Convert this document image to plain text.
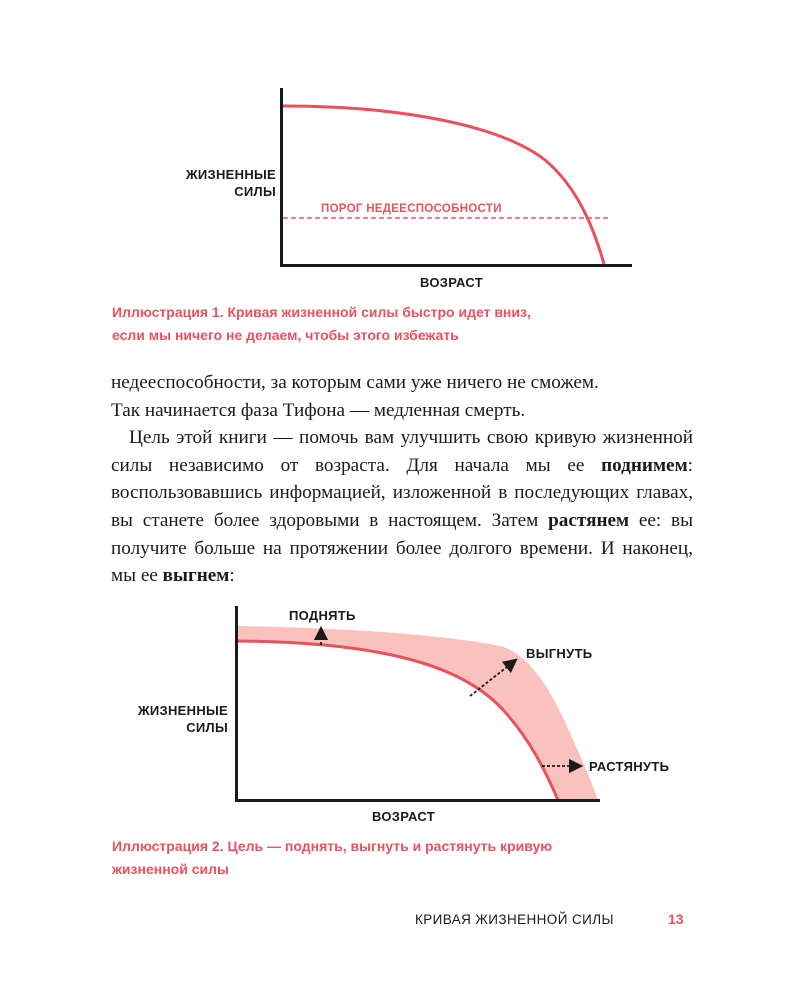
ЖИЗНЕННЫЕ
СИЛЫ
ПОРОГ НЕДЕЕСПОСОБНОСТИ
ВОЗРАСТ
Иллюстрация 1. Кривая жизненной силы быстро идет вниз,
если мы ничего не делаем, чтобы этого избежать

недееспособности, за которым сами уже ничего не сможем.

Так начинается фаза Тифона — медленная смерть.

Цель этой книги — помочь вам улучшить свою кривую жизненной силы независимо от возраста. Для начала мы ее поднимем: воспользовавшись информацией, изложенной в последующих главах, вы станете более здоровыми в настоящем. Затем растянем ее: вы получите больше на протяжении более долгого времени. И наконец, мы ее выгнем:

ПОДНЯТЬ
ВЫГНУТЬ
РАСТЯНУТЬ
ЖИЗНЕННЫЕ
СИЛЫ
ВОЗРАСТ
Иллюстрация 2. Цель — поднять, выгнуть и растянуть кривую
жизненной силы
КРИВАЯ ЖИЗНЕННОЙ СИЛЫ	13
